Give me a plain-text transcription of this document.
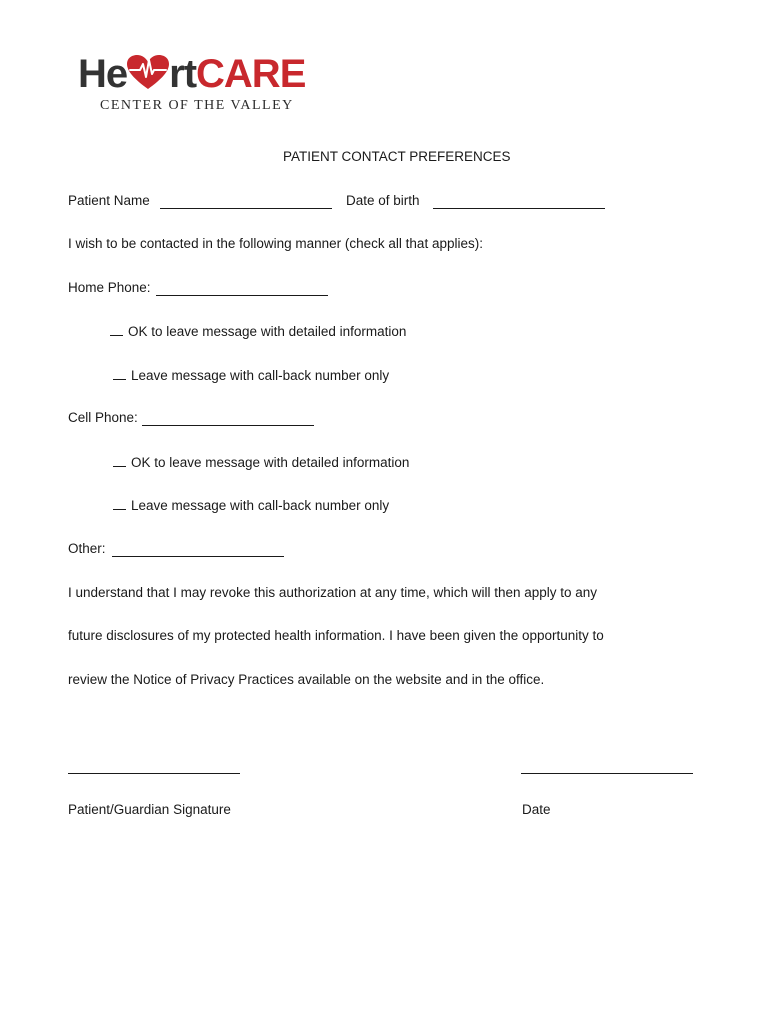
He rtCARE
CENTER OF THE VALLEY
PATIENT CONTACT PREFERENCES
Patient Name	Date of birth
I wish to be contacted in the following manner (check all that applies):
Home Phone:
OK to leave message with detailed information
Leave message with call-back number only
Cell Phone:
OK to leave message with detailed information
Leave message with call-back number only
Other:
I understand that I may revoke this authorization at any time, which will then apply to any
future disclosures of my protected health information. I have been given the opportunity to
review the Notice of Privacy Practices available on the website and in the office.
Patient/Guardian Signature	Date
